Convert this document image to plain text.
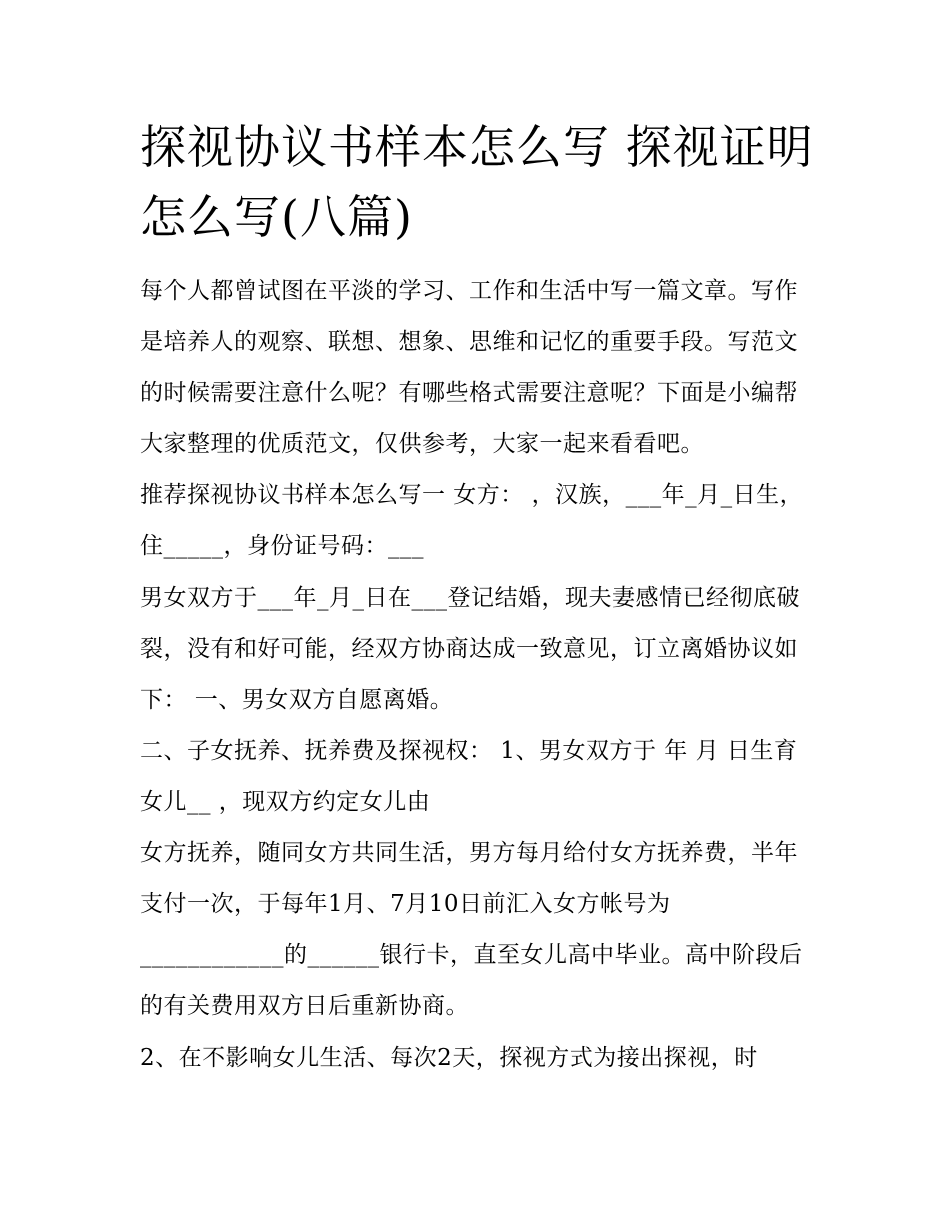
探视协议书样本怎么写 探视证明怎么写(八篇)

每个人都曾试图在平淡的学习、工作和生活中写一篇文章。写作是培养人的观察、联想、想象、思维和记忆的重要手段。写范文的时候需要注意什么呢？有哪些格式需要注意呢？下面是小编帮大家整理的优质范文，仅供参考，大家一起来看看吧。

推荐探视协议书样本怎么写一 女方： ，汉族，___年_月_日生，住_____，身份证号码：___

男女双方于___年_月_日在___登记结婚，现夫妻感情已经彻底破裂，没有和好可能，经双方协商达成一致意见，订立离婚协议如下： 一、男女双方自愿离婚。

二、子女抚养、抚养费及探视权： 1、男女双方于 年 月 日生育女儿__ ，现双方约定女儿由

女方抚养，随同女方共同生活，男方每月给付女方抚养费，半年支付一次，于每年1月、7月10日前汇入女方帐号为 ____________的______银行卡，直至女儿高中毕业。高中阶段后的有关费用双方日后重新协商。

2、在不影响女儿生活、每次2天，探视方式为接出探视，时
